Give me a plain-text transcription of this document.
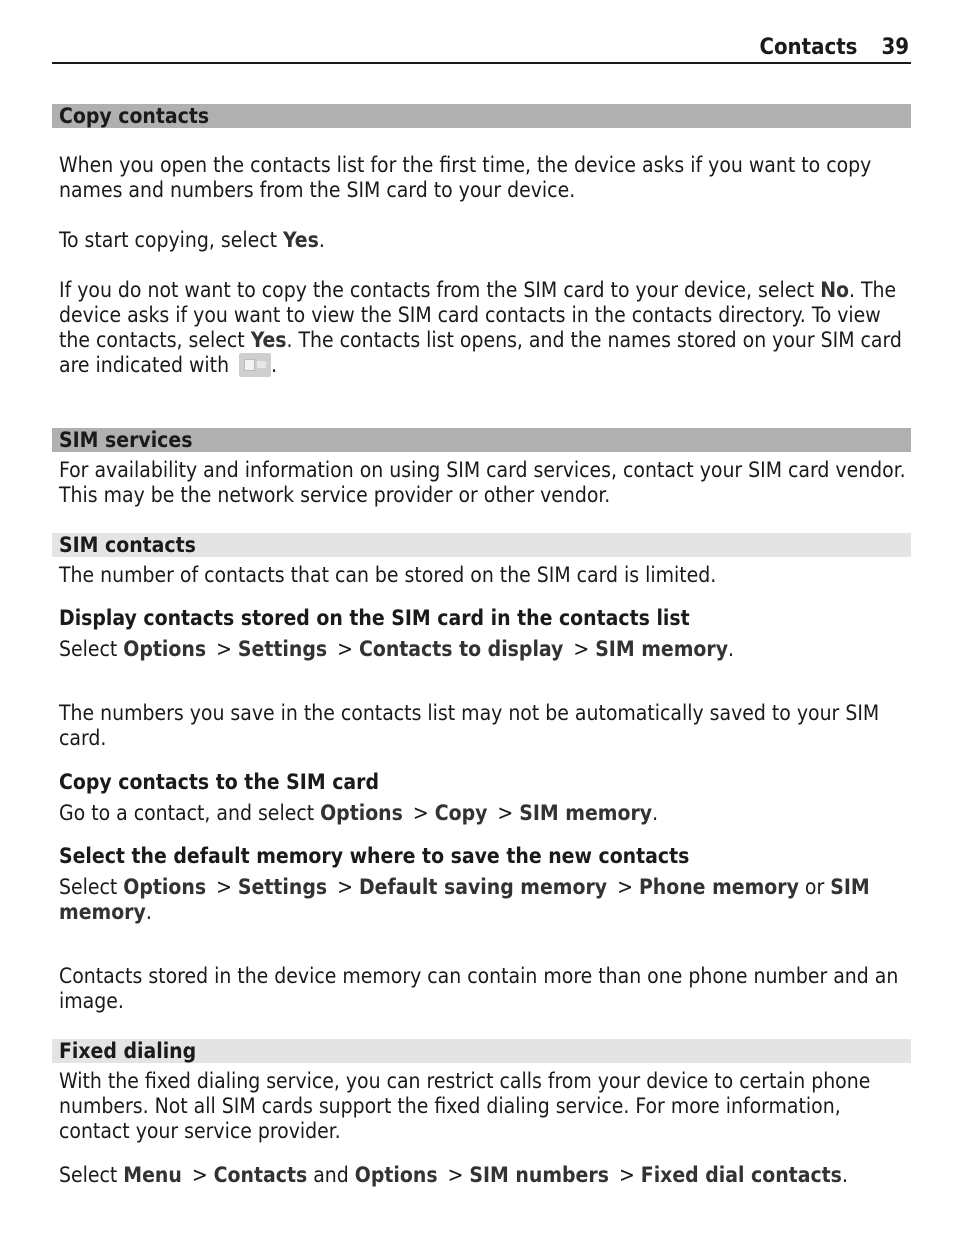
Contacts 39
Copy contacts

When you open the contacts list for the first time, the device asks if you want to copy names and numbers from the SIM card to your device.

To start copying, select Yes.

If you do not want to copy the contacts from the SIM card to your device, select No. The device asks if you want to view the SIM card contacts in the contacts directory. To view the contacts, select Yes. The contacts list opens, and the names stored on your SIM card are indicated with .

SIM services

For availability and information on using SIM card services, contact your SIM card vendor. This may be the network service provider or other vendor.

SIM contacts

The number of contacts that can be stored on the SIM card is limited.

Display contacts stored on the SIM card in the contacts list

Select Options > Settings > Contacts to display > SIM memory.

The numbers you save in the contacts list may not be automatically saved to your SIM card.

Copy contacts to the SIM card

Go to a contact, and select Options > Copy > SIM memory.

Select the default memory where to save the new contacts

Select Options > Settings > Default saving memory > Phone memory or SIM memory.

Contacts stored in the device memory can contain more than one phone number and an image.

Fixed dialing

With the fixed dialing service, you can restrict calls from your device to certain phone numbers. Not all SIM cards support the fixed dialing service. For more information, contact your service provider.

Select Menu > Contacts and Options > SIM numbers > Fixed dial contacts.
